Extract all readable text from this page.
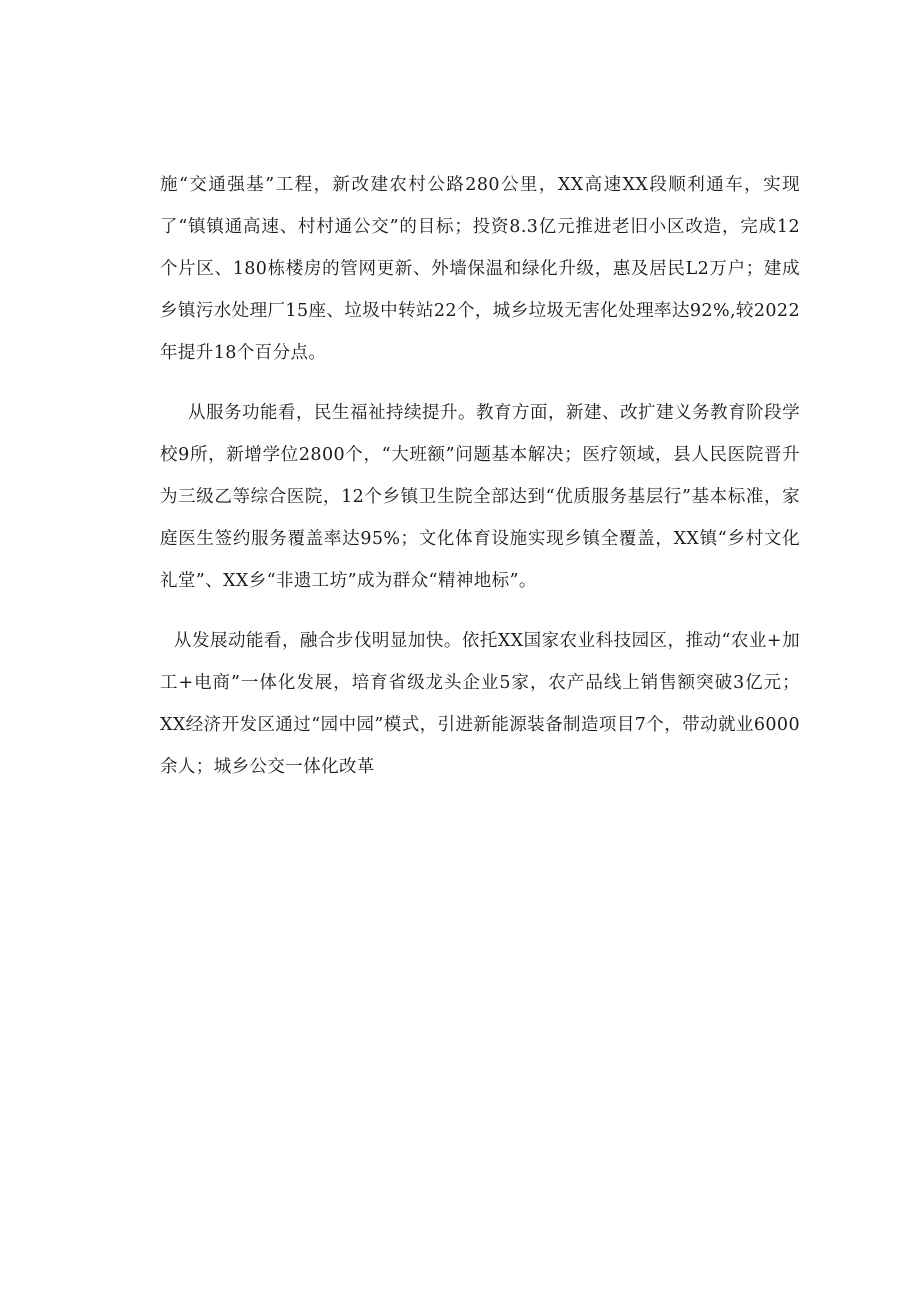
施“交通强基”工程，新改建农村公路280公里，XX高速XX段顺利通车，实现了“镇镇通高速、村村通公交”的目标；投资8.3亿元推进老旧小区改造，完成12个片区、180栋楼房的管网更新、外墙保温和绿化升级，惠及居民L2万户；建成乡镇污水处理厂15座、垃圾中转站22个，城乡垃圾无害化处理率达92%,较2022年提升18个百分点。

从服务功能看，民生福祉持续提升。教育方面，新建、改扩建义务教育阶段学校9所，新增学位2800个，“大班额”问题基本解决；医疗领域，县人民医院晋升为三级乙等综合医院，12个乡镇卫生院全部达到“优质服务基层行”基本标准，家庭医生签约服务覆盖率达95%；文化体育设施实现乡镇全覆盖，XX镇“乡村文化礼堂”、XX乡“非遗工坊”成为群众“精神地标”。

从发展动能看，融合步伐明显加快。依托XX国家农业科技园区，推动“农业+加工+电商”一体化发展，培育省级龙头企业5家，农产品线上销售额突破3亿元；XX经济开发区通过“园中园”模式，引进新能源装备制造项目7个，带动就业6000余人；城乡公交一体化改革
